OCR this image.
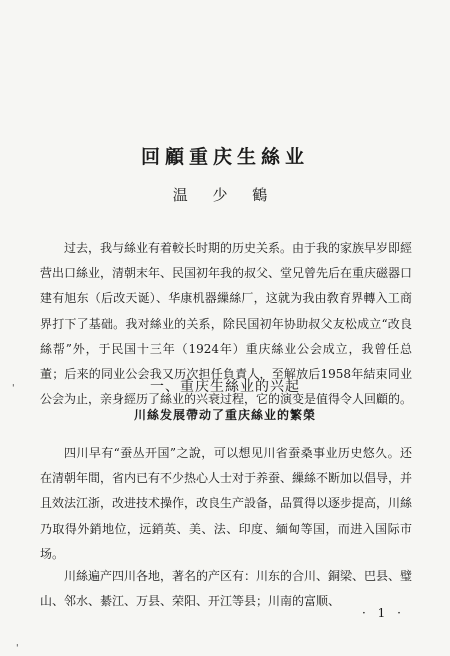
回顧重庆生絲业
温 少 鶴
过去，我与絲业有着較长时期的历史关系。由于我的家族早岁即經营出口絲业，清朝末年、民国初年我的叔父、堂兄曾先后在重庆磁器口建有旭东（后改天诞）、华康机器繅絲厂，这就为我由敎育界轉入工商界打下了基础。我对絲业的关系，除民国初年协助叔父友松成立“改良絲帮”外，于民国十三年（1924年）重庆絲业公会成立，我曾任总董；后来的同业公会我又历次担任負責人，至解放后1958年結束同业公会为止，亲身經历了絲业的兴衰过程，它的演变是值得令人回顧的。
一、重庆生絲业的兴起
川絲发展帶动了重庆絲业的繁榮
四川早有“蚕丛开国”之說，可以想见川省蚕桑事业历史悠久。还在清朝年間，省内已有不少热心人士对于养蚕、繅絲不断加以倡导，并且效法江浙，改进技术操作，改良生产設备，品質得以逐步提高，川絲乃取得外銷地位，远銷英、美、法、印度、緬甸等国，而进入国际市场。
川絲遍产四川各地，著名的产区有：川东的合川、銅梁、巴县、璧山、邻水、綦江、万县、荣阳、开江等县；川南的富顺、
· 1 ·
'
'
